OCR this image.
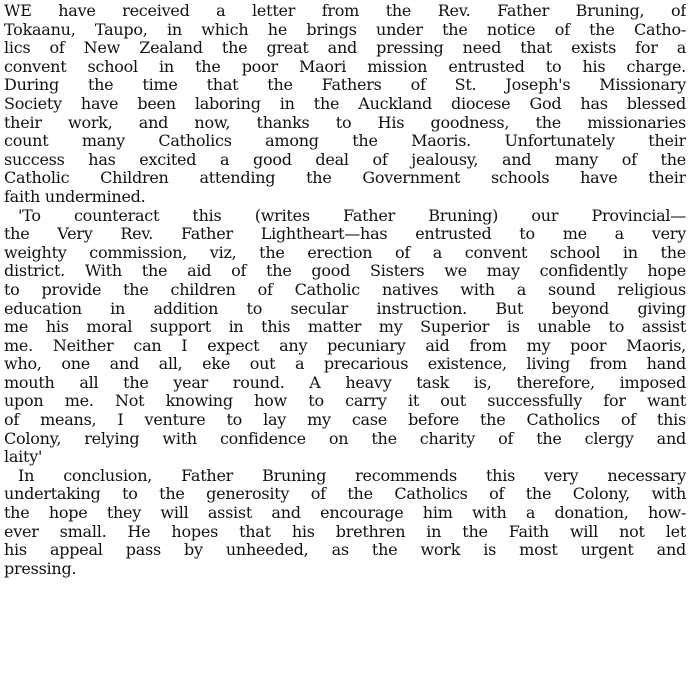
WE have received a letter from the Rev. Father Bruning, of
Tokaanu, Taupo, in which he brings under the notice of the Catho-
lics of New Zealand the great and pressing need that exists for a
convent school in the poor Maori mission entrusted to his charge.
During the time that the Fathers of St. Joseph's Missionary
Society have been laboring in the Auckland diocese God has blessed
their work, and now, thanks to His goodness, the missionaries
count many Catholics among the Maoris. Unfortunately their
success has excited a good deal of jealousy, and many of the
Catholic Children attending the Government schools have their
faith undermined.

'To counteract this (writes Father Bruning) our Provincial—
the Very Rev. Father Lightheart—has entrusted to me a very
weighty commission, viz, the erection of a convent school in the
district. With the aid of the good Sisters we may confidently hope
to provide the children of Catholic natives with a sound religious
education in addition to secular instruction. But beyond giving
me his moral support in this matter my Superior is unable to assist
me. Neither can I expect any pecuniary aid from my poor Maoris,
who, one and all, eke out a precarious existence, living from hand
mouth all the year round. A heavy task is, therefore, imposed
upon me. Not knowing how to carry it out successfully for want
of means, I venture to lay my case before the Catholics of this
Colony, relying with confidence on the charity of the clergy and
laity'

In conclusion, Father Bruning recommends this very necessary
undertaking to the generosity of the Catholics of the Colony, with
the hope they will assist and encourage him with a donation, how-
ever small. He hopes that his brethren in the Faith will not let
his appeal pass by unheeded, as the work is most urgent and
pressing.
